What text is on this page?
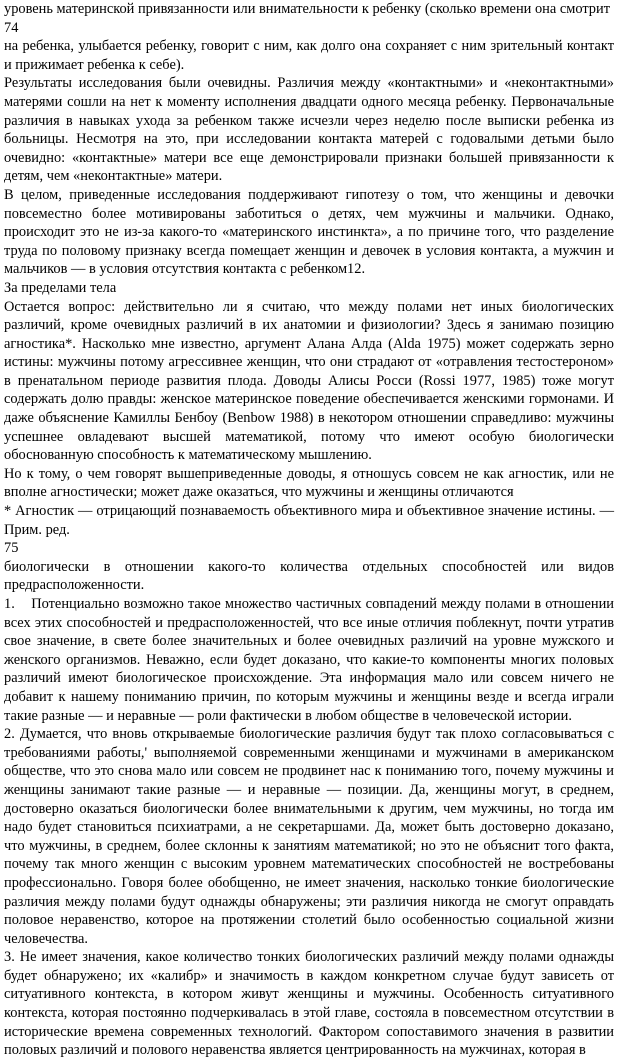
уровень материнской привязанности или внимательности к ребенку (сколько времени она смотрит

74

на ребенка, улыбается ребенку, говорит с ним, как долго она сохраняет с ним зрительный контакт и прижимает ребенка к себе).

Результаты исследования были очевидны. Различия между «контактными» и «неконтактными» матерями сошли на нет к моменту исполнения двадцати одного месяца ребенку. Первоначальные различия в навыках ухода за ребенком также исчезли через неделю после выписки ребенка из больницы. Несмотря на это, при исследовании контакта матерей с годовалыми детьми было очевидно: «контактные» матери все еще демонстрировали признаки большей привязанности к детям, чем «неконтактные» матери.

В целом, приведенные исследования поддерживают гипотезу о том, что женщины и девочки повсеместно более мотивированы заботиться о детях, чем мужчины и мальчики. Однако, происходит это не из-за какого-то «материнского инстинкта», а по причине того, что разделение труда по половому признаку всегда помещает женщин и девочек в условия контакта, а мужчин и мальчиков — в условия отсутствия контакта с ребенком12.

За пределами тела

Остается вопрос: действительно ли я считаю, что между полами нет иных биологических различий, кроме очевидных различий в их анатомии и физиологии? Здесь я занимаю позицию агностика*. Насколько мне известно, аргумент Алана Алда (Alda 1975) может содержать зерно истины: мужчины потому агрессивнее женщин, что они страдают от «отравления тестостероном» в пренатальном периоде развития плода. Доводы Алисы Росси (Rossi 1977, 1985) тоже могут содержать долю правды: женское материнское поведение обеспечивается женскими гормонами. И даже объяснение Камиллы Бенбоу (Benbow 1988) в некотором отношении справедливо: мужчины успешнее овладевают высшей математикой, потому что имеют особую биологически обоснованную способность к математическому мышлению.

Но к тому, о чем говорят вышеприведенные доводы, я отношусь совсем не как агностик, или не вполне агностически; может даже оказаться, что мужчины и женщины отличаются

* Агностик — отрицающий познаваемость объективного мира и объективное значение истины. — Прим. ред.

75

биологически в отношении какого-то количества отдельных способностей или видов предрасположенности.

1.    Потенциально возможно такое множество частичных совпадений между полами в отношении всех этих способностей и предрасположенностей, что все иные отличия поблекнут, почти утратив свое значение, в свете более значительных и более очевидных различий на уровне мужского и женского организмов. Неважно, если будет доказано, что какие-то компоненты многих половых различий имеют биологическое происхождение. Эта информация мало или совсем ничего не добавит к нашему пониманию причин, по которым мужчины и женщины везде и всегда играли такие разные — и неравные — роли фактически в любом обществе в человеческой истории.

2. Думается, что вновь открываемые биологические различия будут так плохо согласовываться с требованиями работы,' выполняемой современными женщинами и мужчинами в американском обществе, что это снова мало или совсем не продвинет нас к пониманию того, почему мужчины и женщины занимают такие разные — и неравные — позиции. Да, женщины могут, в среднем, достоверно оказаться биологически более внимательными к другим, чем мужчины, но тогда им надо будет становиться психиатрами, а не секретаршами. Да, может быть достоверно доказано, что мужчины, в среднем, более склонны к занятиям математикой; но это не объяснит того факта, почему так много женщин с высоким уровнем математических способностей не востребованы профессионально. Говоря более обобщенно, не имеет значения, насколько тонкие биологические различия между полами будут однажды обнаружены; эти различия никогда не смогут оправдать половое неравенство, которое на протяжении столетий было особенностью социальной жизни человечества.

3. Не имеет значения, какое количество тонких биологических различий между полами однажды будет обнаружено; их «калибр» и значимость в каждом конкретном случае будут зависеть от ситуативного контекста, в котором живут женщины и мужчины. Особенность ситуативного контекста, которая постоянно подчеркивалась в этой главе, состояла в повсеместном отсутствии в исторические времена современных технологий. Фактором сопоставимого значения в развитии половых различий и полового неравенства является центрированность на мужчинах, которая в
